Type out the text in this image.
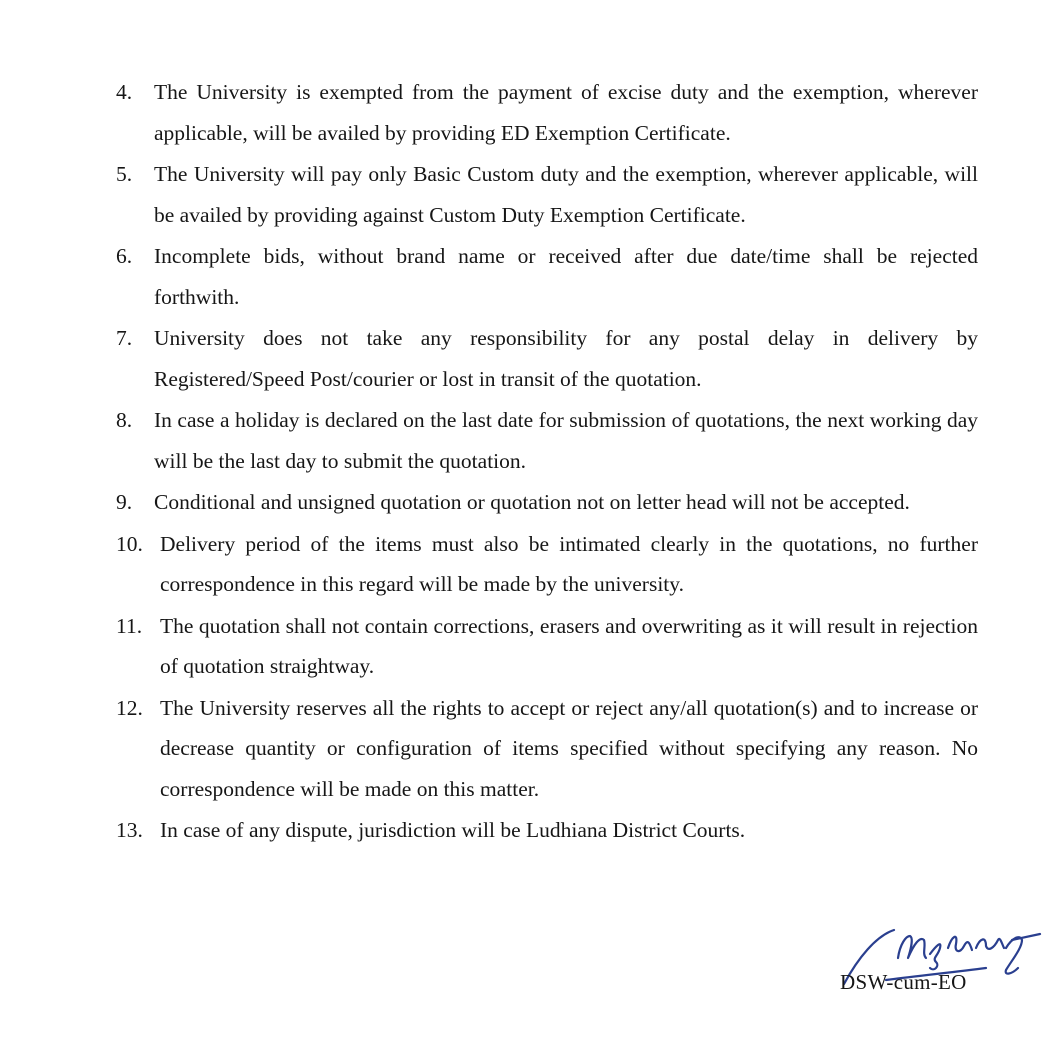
4.	The University is exempted from the payment of excise duty and the exemption, wherever applicable, will be availed by providing ED Exemption Certificate.
5.	The University will pay only Basic Custom duty and the exemption, wherever applicable, will be availed by providing against Custom Duty Exemption Certificate.
6.	Incomplete bids, without brand name or received after due date/time shall be rejected forthwith.
7.	University does not take any responsibility for any postal delay in delivery by Registered/Speed Post/courier or lost in transit of the quotation.
8.	In case a holiday is declared on the last date for submission of quotations, the next working day will be the last day to submit the quotation.
9.	Conditional and unsigned quotation or quotation not on letter head will not be accepted.
10. Delivery period of the items must also be intimated clearly in the quotations, no further correspondence in this regard will be made by the university.
11. The quotation shall not contain corrections, erasers and overwriting as it will result in rejection of quotation straightway.
12. The University reserves all the rights to accept or reject any/all quotation(s) and to increase or decrease quantity or configuration of items specified without specifying any reason. No correspondence will be made on this matter.
13. In case of any dispute, jurisdiction will be Ludhiana District Courts.
DSW-cum-EO
